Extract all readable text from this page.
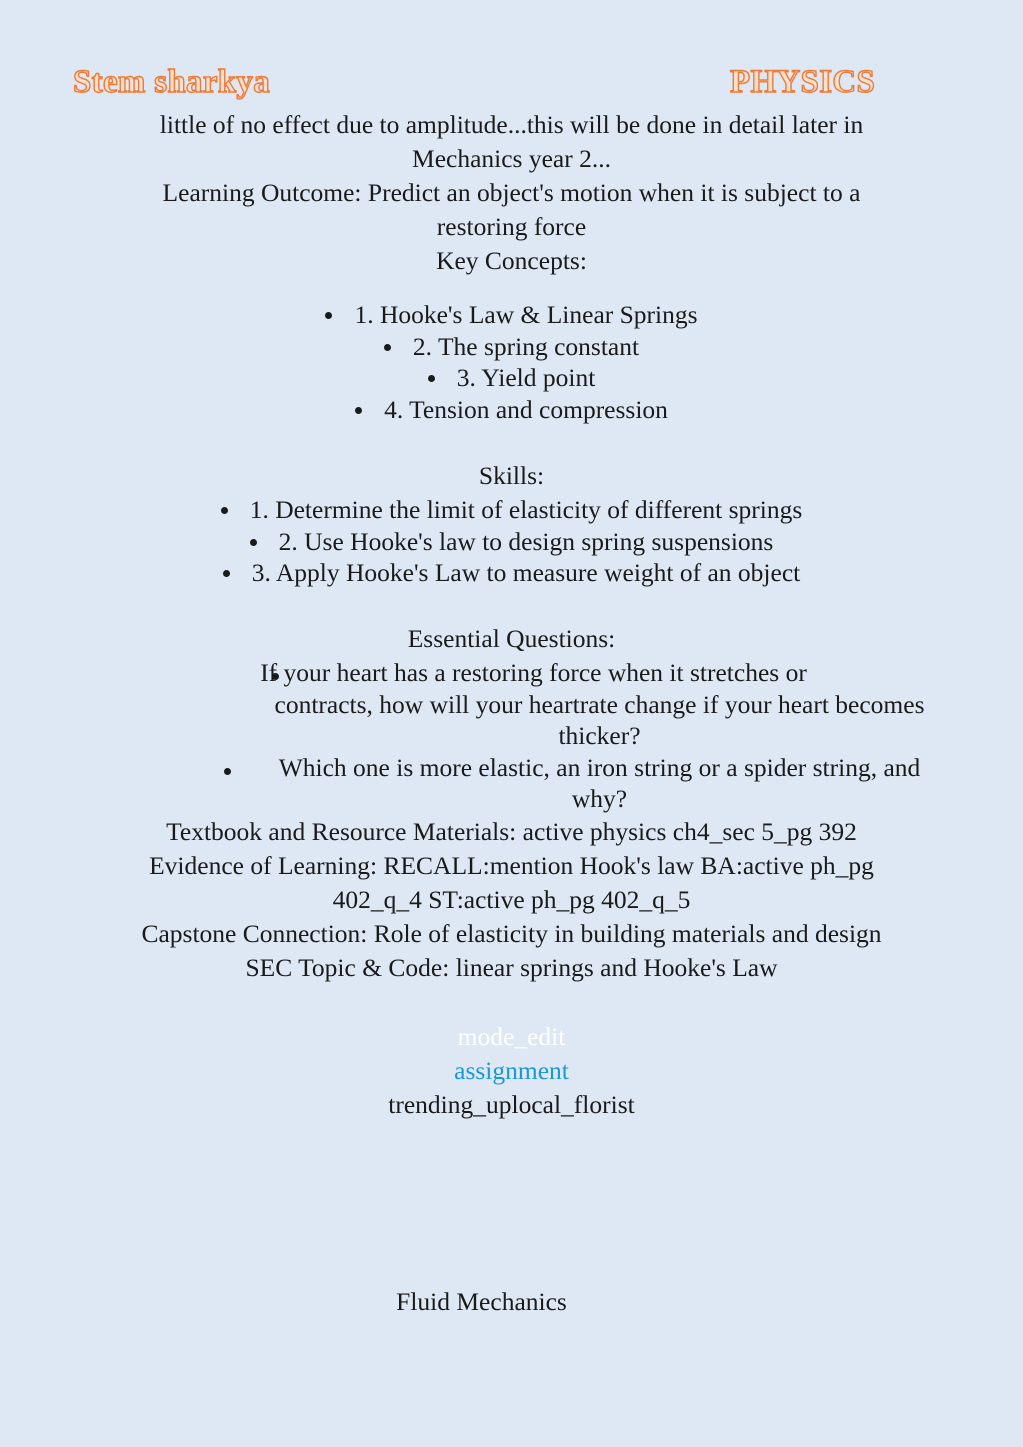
Stem sharkya	PHYSICS
little of no effect due to amplitude...this will be done in detail later in
Mechanics year 2...
Learning Outcome: Predict an object's motion when it is subject to a
restoring force
Key Concepts:
1. Hooke's Law & Linear Springs
2. The spring constant
3. Yield point
4. Tension and compression
Skills:
1. Determine the limit of elasticity of different springs
2. Use Hooke's law to design spring suspensions
3. Apply Hooke's Law to measure weight of an object
Essential Questions:
If your heart has a restoring force when it stretches or
contracts, how will your heartrate change if your heart becomes
thicker?
Which one is more elastic, an iron string or a spider string, and
why?
Textbook and Resource Materials: active physics ch4_sec 5_pg 392
Evidence of Learning: RECALL:mention Hook's law BA:active ph_pg
402_q_4 ST:active ph_pg 402_q_5
Capstone Connection: Role of elasticity in building materials and design
SEC Topic & Code: linear springs and Hooke's Law
mode_edit
assignment
trending_uplocal_florist
Fluid Mechanics
